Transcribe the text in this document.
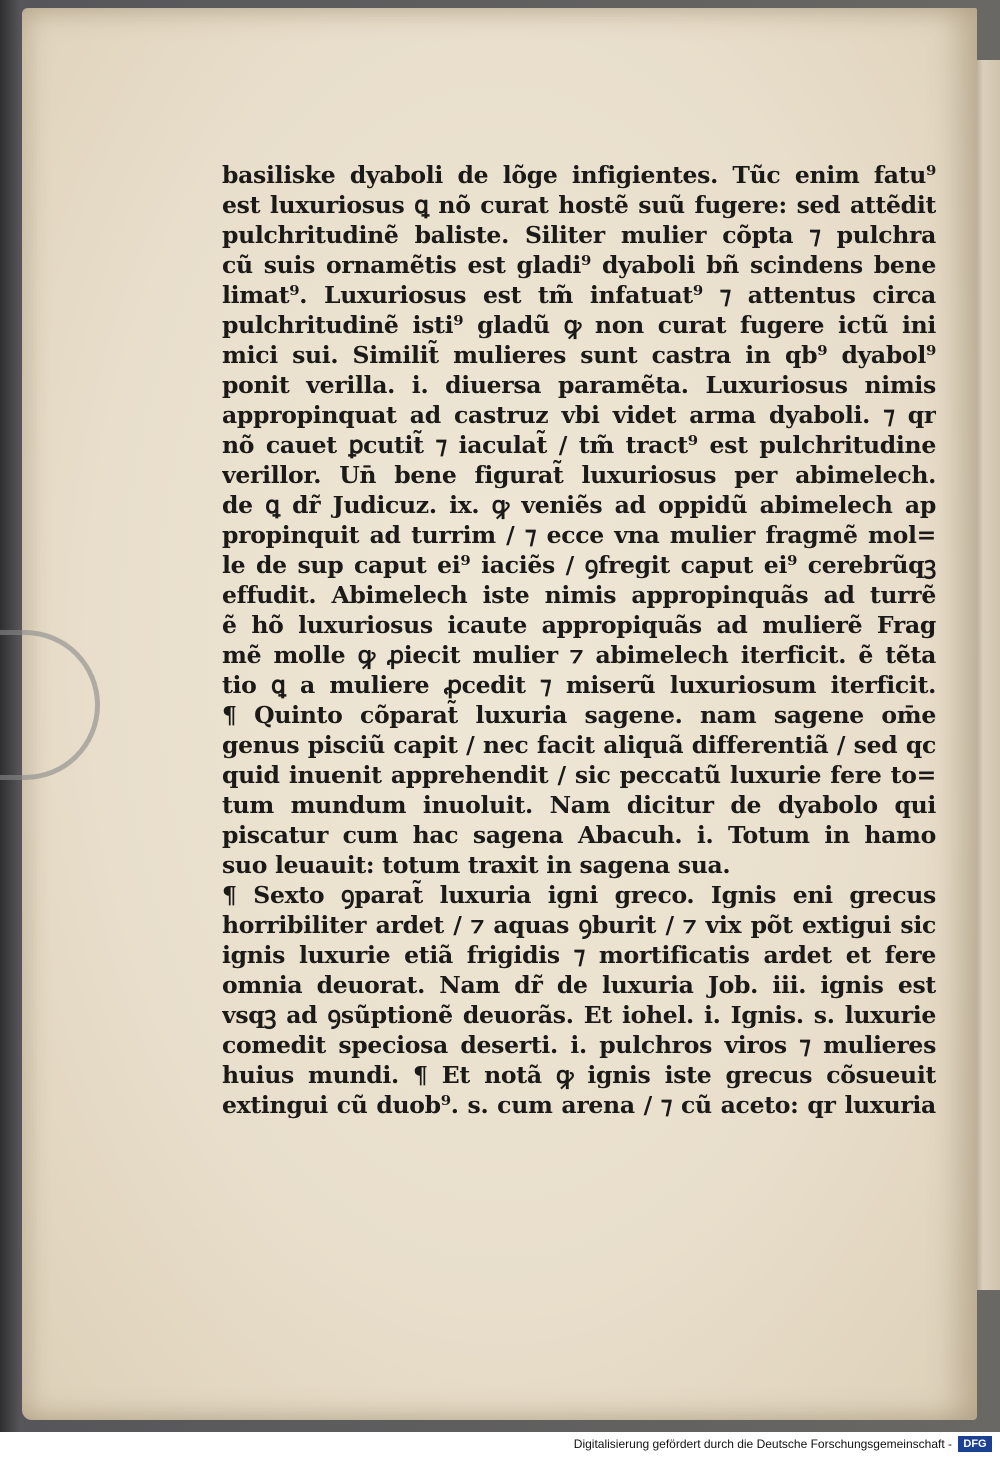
basiliske dyaboli de lõge infigientes. Tũc enim fatu⁹
est luxuriosus ꝗ nõ curat hostẽ suũ fugere: sed attẽdit
pulchritudinẽ baliste. Siliter mulier cõpta ⁊ pulchra
cũ suis ornamẽtis est gladi⁹ dyaboli bñ scindens bene
limat⁹. Luxuriosus est tm̃ infatuat⁹ ⁊ attentus circa
pulchritudinẽ isti⁹ gladũ ꝙ non curat fugere ictũ ini
mici sui. Similit̃ mulieres sunt castra in qb⁹ dyabol⁹
ponit verilla. i. diuersa paramẽta. Luxuriosus nimis
appropinquat ad castruz vbi videt arma dyaboli. ⁊ qr
nõ cauet ꝑcutit̃ ⁊ iaculat̃ / tm̃ tract⁹ est pulchritudine
verillor. Un̄ bene figurat̃ luxuriosus per abimelech.
de ꝗ dr̃ Judicuz. ix. ꝙ veniẽs ad oppidũ abimelech ap
propinquit ad turrim / ⁊ ecce vna mulier fragmẽ mol=
le de sup caput ei⁹ iaciẽs / ꝯfregit caput ei⁹ cerebrũqꝫ
effudit. Abimelech iste nimis appropinquãs ad turrẽ
ẽ hõ luxuriosus icaute appropiquãs ad mulierẽ Frag
mẽ molle ꝙ ꝓiecit mulier ⁊ abimelech iterficit. ẽ tẽta
tio ꝗ a muliere ꝓcedit ⁊ miserũ luxuriosum iterficit.
¶ Quinto cõparat̃ luxuria sagene. nam sagene om̄e
genus pisciũ capit / nec facit aliquã differentiã / sed qc
quid inuenit apprehendit / sic peccatũ luxurie fere to=
tum mundum inuoluit. Nam dicitur de dyabolo qui
piscatur cum hac sagena Abacuh. i. Totum in hamo
suo leuauit: totum traxit in sagena sua.
¶ Sexto ꝯparat̃ luxuria igni greco. Ignis eni grecus
horribiliter ardet / ⁊ aquas ꝯburit / ⁊ vix põt extigui sic
ignis luxurie etiã frigidis ⁊ mortificatis ardet et fere
omnia deuorat. Nam dr̃ de luxuria Job. iii. ignis est
vsqꝫ ad ꝯsũptionẽ deuorãs. Et iohel. i. Ignis. s. luxurie
comedit speciosa deserti. i. pulchros viros ⁊ mulieres
huius mundi. ¶ Et notã ꝙ ignis iste grecus cõsueuit
extingui cũ duob⁹. s. cum arena / ⁊ cũ aceto: qr luxuria
Digitalisierung gefördert durch die Deutsche Forschungsgemeinschaft -	DFG
